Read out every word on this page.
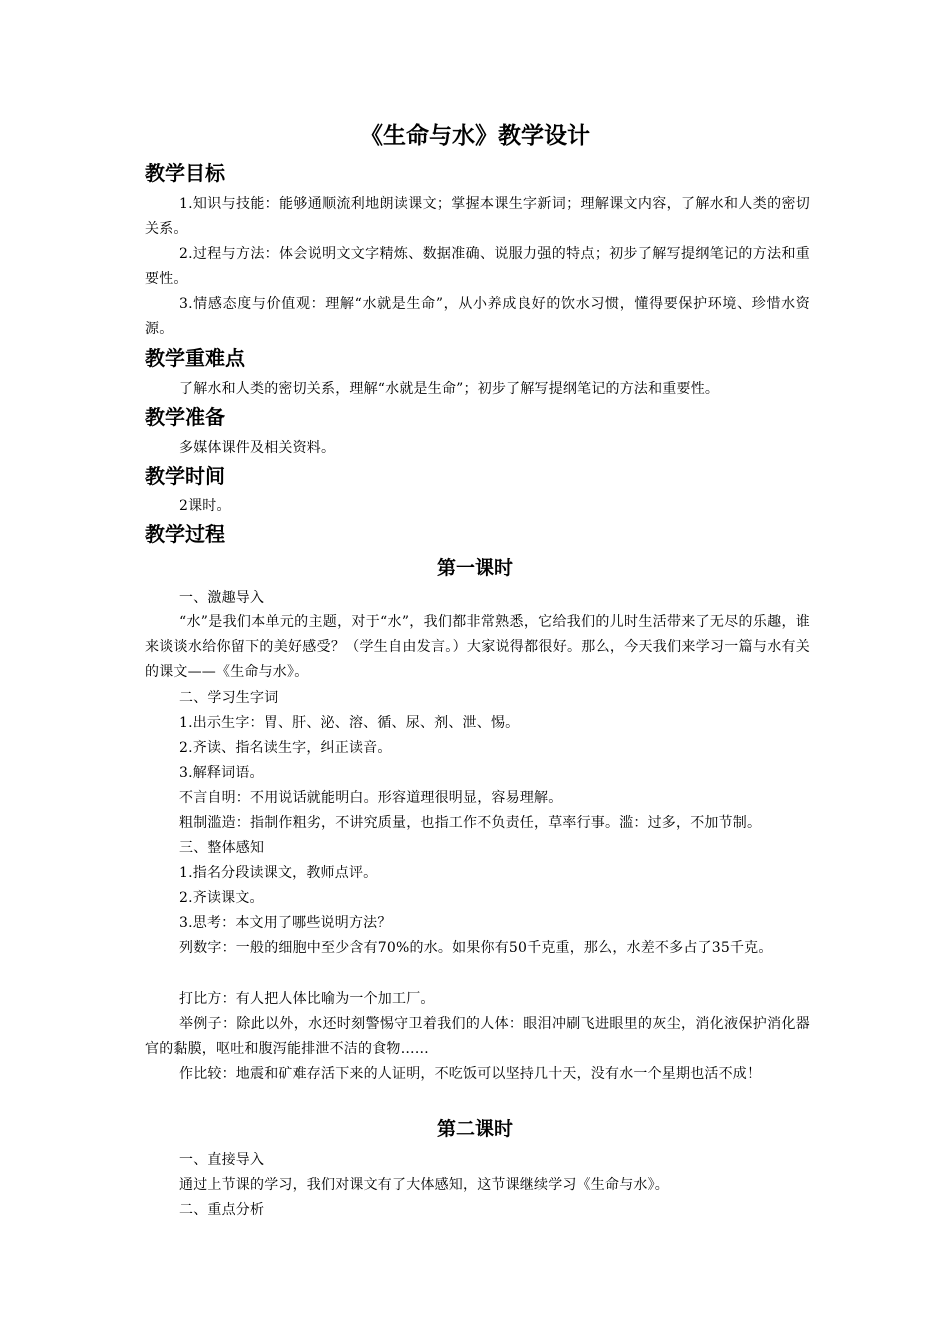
《生命与水》教学设计
教学目标

1.知识与技能：能够通顺流利地朗读课文；掌握本课生字新词；理解课文内容，了解水和人类的密切关系。

2.过程与方法：体会说明文文字精炼、数据准确、说服力强的特点；初步了解写提纲笔记的方法和重要性。

3.情感态度与价值观：理解“水就是生命”，从小养成良好的饮水习惯，懂得要保护环境、珍惜水资源。

教学重难点

了解水和人类的密切关系，理解“水就是生命”；初步了解写提纲笔记的方法和重要性。

教学准备

多媒体课件及相关资料。

教学时间

2课时。

教学过程
第一课时

一、激趣导入

“水”是我们本单元的主题，对于“水”，我们都非常熟悉，它给我们的儿时生活带来了无尽的乐趣，谁来谈谈水给你留下的美好感受？（学生自由发言。）大家说得都很好。那么，今天我们来学习一篇与水有关的课文——《生命与水》。

二、学习生字词

1.出示生字：胃、肝、泌、溶、循、尿、剂、泄、惕。

2.齐读、指名读生字，纠正读音。

3.解释词语。

不言自明：不用说话就能明白。形容道理很明显，容易理解。

粗制滥造：指制作粗劣，不讲究质量，也指工作不负责任，草率行事。滥：过多，不加节制。

三、整体感知

1.指名分段读课文，教师点评。

2.齐读课文。

3.思考：本文用了哪些说明方法？

列数字：一般的细胞中至少含有70%的水。如果你有50千克重，那么，水差不多占了35千克。

打比方：有人把人体比喻为一个加工厂。

举例子：除此以外，水还时刻警惕守卫着我们的人体：眼泪冲刷飞进眼里的灰尘，消化液保护消化器官的黏膜，呕吐和腹泻能排泄不洁的食物……

作比较：地震和矿难存活下来的人证明，不吃饭可以坚持几十天，没有水一个星期也活不成！

第二课时

一、直接导入

通过上节课的学习，我们对课文有了大体感知，这节课继续学习《生命与水》。

二、重点分析
